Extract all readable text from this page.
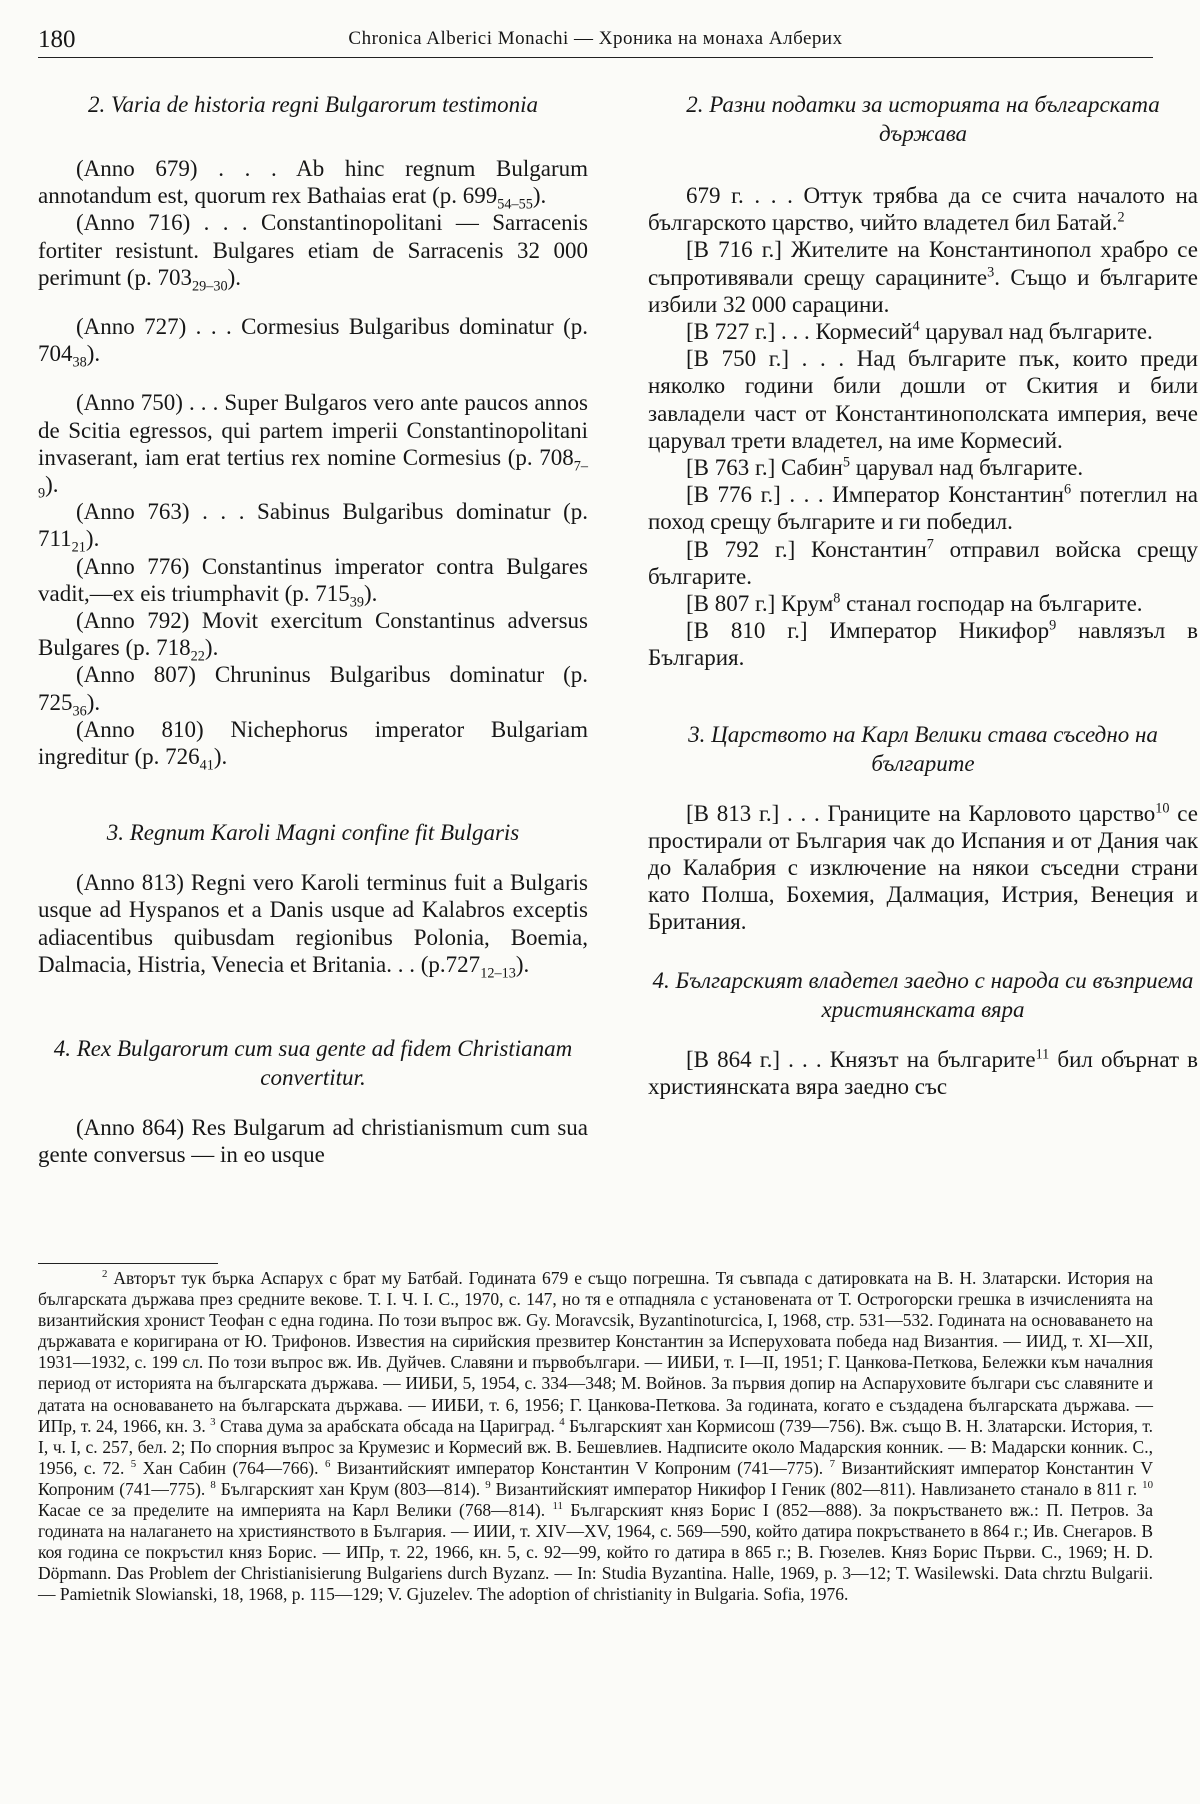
180	Chronica Alberici Monachi — Хроника на монаха Алберих

2. Varia de historia regni Bulgarorum testimonia

(Anno 679) . . . Ab hinc regnum Bulgarum annotandum est, quorum rex Bathaias erat (p. $699_{54-55}$).

(Anno 716) . . . Constantinopolitani — Sarracenis fortiter resistunt. Bulgares etiam de Sarracenis 32 000 perimunt (p. $703_{29-30}$).

(Anno 727) . . . Cormesius Bulgaribus dominatur (p. $704_{38}$).

(Anno 750) . . . Super Bulgaros vero ante paucos annos de Scitia egressos, qui partem imperii Constantinopolitani invaserant, iam erat tertius rex nomine Cormesius (p. $708_{7-9}$).

(Anno 763) . . . Sabinus Bulgaribus dominatur (p. $711_{21}$).

(Anno 776) Constantinus imperator contra Bulgares vadit,—ex eis triumphavit (p. $715_{39}$).

(Anno 792) Movit exercitum Constantinus adversus Bulgares (p. $718_{22}$).

(Anno 807) Chruninus Bulgaribus dominatur (p. $725_{36}$).

(Anno 810) Nichephorus imperator Bulgariam ingreditur (p. $726_{41}$).

3. Regnum Karoli Magni confine fit Bulgaris

(Anno 813) Regni vero Karoli terminus fuit a Bulgaris usque ad Hyspanos et a Danis usque ad Kalabros exceptis adiacentibus quibusdam regionibus Polonia, Boemia, Dalmacia, Histria, Venecia et Britania. . . $(p.727_{12-13})$.

4. Rex Bulgarorum cum sua gente ad fidem Christianam convertitur.

(Anno 864) Res Bulgarum ad christianismum cum sua gente conversus — in eo usque

2. Разни податки за историята на българската държава

679 г. . . . Оттук трябва да се счита началото на българското царство, чийто владетел бил Батай.$^2$

[В 716 г.] Жителите на Константинопол храбро се съпротивявали срещу сарацините$^3$. Също и българите избили 32 000 сарацини.

[В 727 г.] . . . Кормесий$^4$ царувал над българите.

[В 750 г.] . . . Над българите пък, които преди няколко години били дошли от Скития и били завладели част от Константинополската империя, вече царувал трети владетел, на име Кормесий.

[В 763 г.] Сабин$^5$ царувал над българите.

[В 776 г.] . . . Император Константин$^6$ потеглил на поход срещу българите и ги победил.

[В 792 г.] Константин$^7$ отправил войска срещу българите.

[В 807 г.] Крум$^8$ станал господар на българите.

[В 810 г.] Император Никифор$^9$ навлязъл в България.

3. Царството на Карл Велики става съседно на българите

[В 813 г.] . . . Границите на Карловото царство$^{10}$ се простирали от България чак до Испания и от Дания чак до Калабрия с изключение на някои съседни страни като Полша, Бохемия, Далмация, Истрия, Венеция и Британия.

4. Българският владетел заедно с народа си възприема християнската вяра

[В 864 г.] . . . Князът на българите$^{11}$ бил обърнат в християнската вяра заедно със

$^2$ Авторът тук бърка Аспарух с брат му Батбай. Годината 679 е също погрешна. Тя съвпада с датировката на В. Н. Златарски. История на българската държава през средните векове. Т. I. Ч. I. С., 1970, с. 147, но тя е отпадняла с установената от Т. Острогорски грешка в изчисленията на византийския хронист Теофан с една година. По този въпрос вж. Gy. Moravcsik, Byzantinoturcica, I, 1968, стр. 531—532. Годината на основаването на държавата е коригирана от Ю. Трифонов. Известия на сирийския презвитер Константин за Исперуховата победа над Византия. — ИИД, т. XI—XII, 1931—1932, с. 199 сл. По този въпрос вж. Ив. Дуйчев. Славяни и първобългари. — ИИБИ, т. I—II, 1951; Г. Цанкова-Петкова, Бележки към началния период от историята на българската държава. — ИИБИ, 5, 1954, с. 334—348; М. Войнов. За първия допир на Аспаруховите българи със славяните и датата на основаването на българската държава. — ИИБИ, т. 6, 1956; Г. Цанкова-Петкова. За годината, когато е създадена българската държава. — ИПр, т. 24, 1966, кн. 3. $^3$ Става дума за арабската обсада на Цариград. $^4$ Българският хан Кормисош (739—756). Вж. също В. Н. Златарски. История, т. I, ч. I, с. 257, бел. 2; По спорния въпрос за Крумезис и Кормесий вж. В. Бешевлиев. Надписите около Мадарския конник. — В: Мадарски конник. С., 1956, с. 72. $^5$ Хан Сабин (764—766). $^6$ Византийският император Константин V Копроним (741—775). $^7$ Византийският император Константин V Копроним (741—775). $^8$ Българският хан Крум (803—814). $^9$ Византийският император Никифор I Геник (802—811). Навлизането станало в 811 г. $^{10}$ Касае се за пределите на империята на Карл Велики (768—814). $^{11}$ Българският княз Борис I (852—888). За покръстването вж.: П. Петров. За годината на налагането на християнството в България. — ИИИ, т. XIV—XV, 1964, с. 569—590, който датира покръстването в 864 г.; Ив. Снегаров. В коя година се покръстил княз Борис. — ИПр, т. 22, 1966, кн. 5, с. 92—99, който го датира в 865 г.; В. Гюзелев. Княз Борис Първи. С., 1969; H. D. Döpmann. Das Problem der Christianisierung Bulgariens durch Byzanz. — In: Studia Byzantina. Halle, 1969, p. 3—12; T. Wasilewski. Data chrztu Bulgarii. — Pamietnik Slowianski, 18, 1968, p. 115—129; V. Gjuzelev. The adoption of christianity in Bulgaria. Sofia, 1976.
